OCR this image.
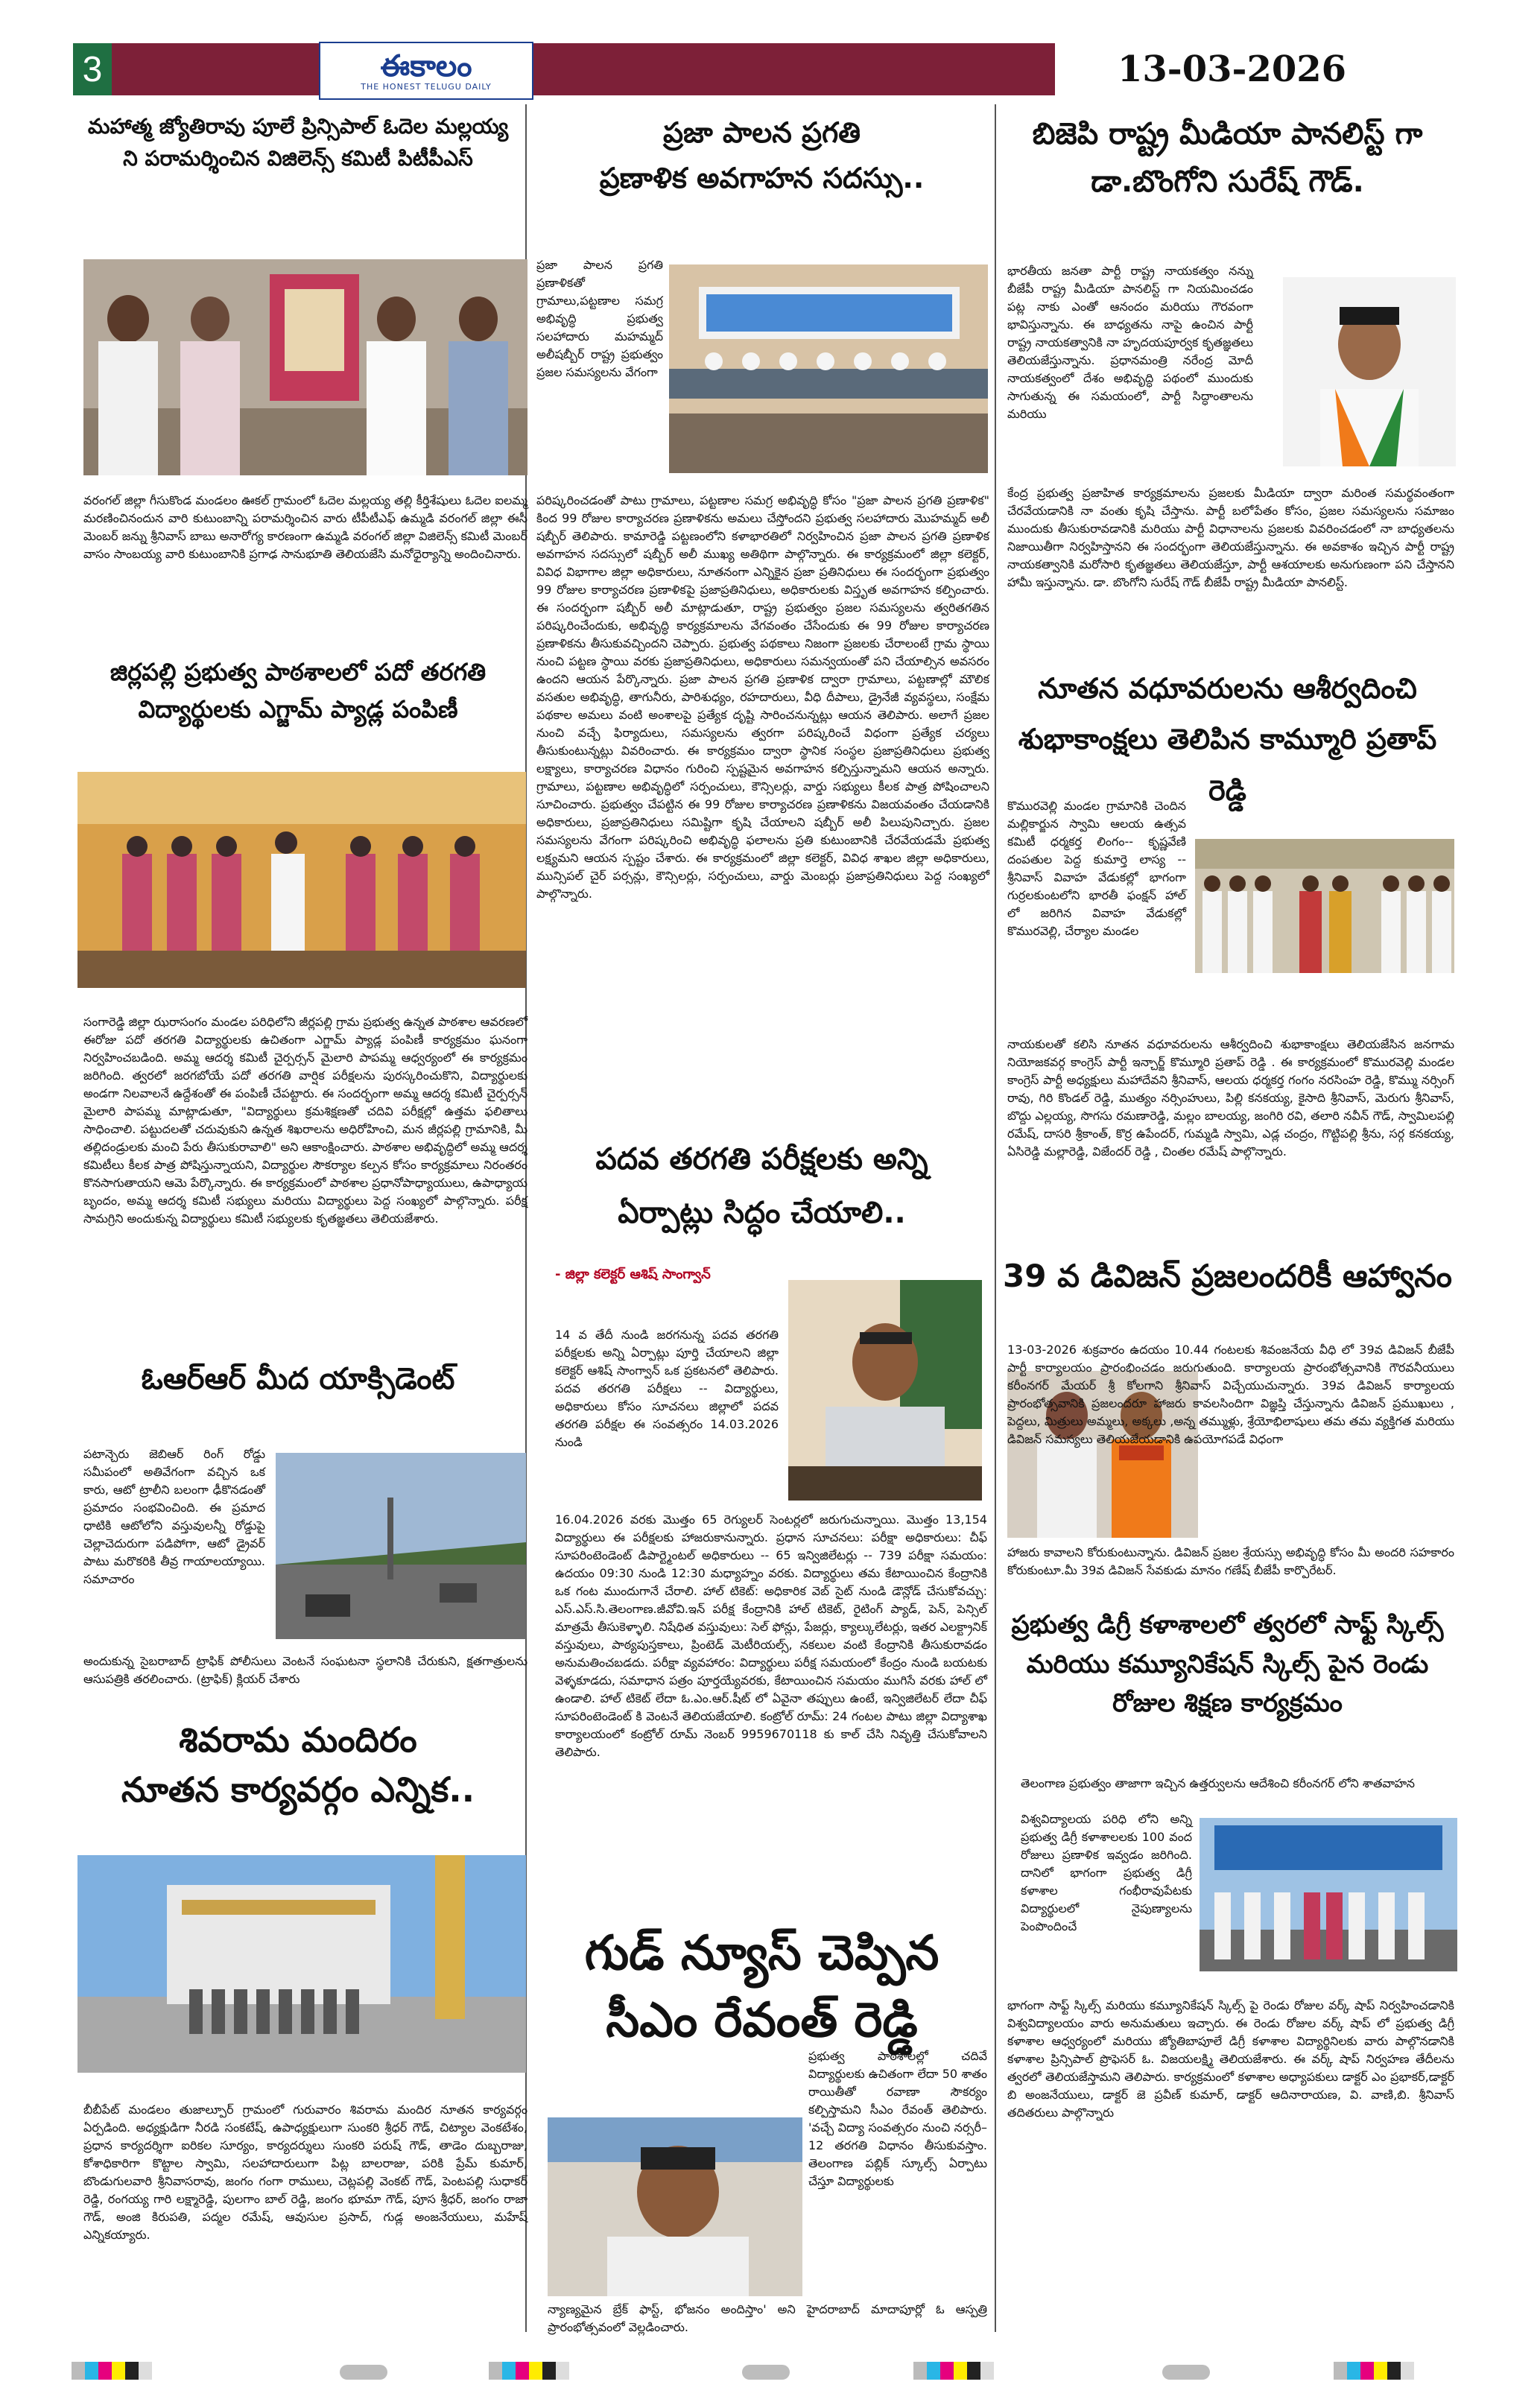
3	ఈకాలం
THE HONEST TELUGU DAILY	13-03-2026
మహాత్మ జ్యోతిరావు పూలే ప్రిన్సిపాల్ ఓదెల మల్లయ్య
ని పరామర్శించిన విజిలెన్స్ కమిటీ పిటీపీఎస్
వరంగల్ జిల్లా గీసుకొండ మండలం ఊకల్ గ్రామంలో ఓదెల మల్లయ్య తల్లి కీర్తిశేషులు ఓదెల ఐలమ్మ మరణించినందున వారి కుటుంబాన్ని పరామర్శించిన వారు టీపీటీఎఫ్ ఉమ్మడి వరంగల్ జిల్లా ఈసీ మెంబర్ జన్ను శ్రీనివాస్ బాబు అనారోగ్య కారణంగా ఉమ్మడి వరంగల్ జిల్లా విజిలెన్స్ కమిటీ మెంబర్ వాసం సాంబయ్య వారి కుటుంబానికి ప్రగాఢ సానుభూతి తెలియజేసి మనోధైర్యాన్ని అందించినారు.
జిర్లపల్లి ప్రభుత్వ పాఠశాలలో పదో తరగతి
విద్యార్థులకు ఎగ్జామ్ ప్యాడ్ల పంపిణీ
సంగారెడ్డి జిల్లా ఝరాసంగం మండల పరిధిలోని జీర్లపల్లి గ్రామ ప్రభుత్వ ఉన్నత పాఠశాల ఆవరణలో ఈరోజు పదో తరగతి విద్యార్థులకు ఉచితంగా ఎగ్జామ్ ప్యాడ్ల పంపిణీ కార్యక్రమం ఘనంగా నిర్వహించబడింది. అమ్మ ఆదర్శ కమిటీ చైర్పర్సన్ మైలారి పాపమ్మ ఆధ్వర్యంలో ఈ కార్యక్రమం జరిగింది. త్వరలో జరగబోయే పదో తరగతి వార్షిక పరీక్షలను పురస్కరించుకొని, విద్యార్థులకు అండగా నిలవాలనే ఉద్దేశంతో ఈ పంపిణీ చేపట్టారు. ఈ సందర్భంగా అమ్మ ఆదర్శ కమిటీ చైర్పర్సన్ మైలారి పాపమ్మ మాట్లాడుతూ, "విద్యార్థులు క్రమశిక్షణతో చదివి పరీక్షల్లో ఉత్తమ ఫలితాలు సాధించాలి. పట్టుదలతో చదువుకుని ఉన్నత శిఖరాలను అధిరోహించి, మన జీర్లపల్లి గ్రామానికి, మీ తల్లిదండ్రులకు మంచి పేరు తీసుకురావాలి" అని ఆకాంక్షించారు. పాఠశాల అభివృద్ధిలో అమ్మ ఆదర్శ కమిటీలు కీలక పాత్ర పోషిస్తున్నాయని, విద్యార్థుల సౌకర్యాల కల్పన కోసం కార్యక్రమాలు నిరంతరం కొనసాగుతాయని ఆమె పేర్కొన్నారు. ఈ కార్యక్రమంలో పాఠశాల ప్రధానోపాధ్యాయులు, ఉపాధ్యాయ బృందం, అమ్మ ఆదర్శ కమిటీ సభ్యులు మరియు విద్యార్థులు పెద్ద సంఖ్యలో పాల్గొన్నారు. పరీక్ష సామగ్రిని అందుకున్న విద్యార్థులు కమిటీ సభ్యులకు కృతజ్ఞతలు తెలియజేశారు.
ఓఆర్ఆర్ మీద యాక్సిడెంట్
పటాన్చెరు జెబిఆర్ రింగ్ రోడ్డు సమీపంలో అతివేగంగా వచ్చిన ఒక కారు, ఆటో ట్రాలీని బలంగా ఢీకొనడంతో ప్రమాదం సంభవించింది. ఈ ప్రమాద ధాటికి ఆటోలోని వస్తువులన్నీ రోడ్డుపై చెల్లాచెదురుగా పడిపోగా, ఆటో డ్రైవర్ పాటు మరొకరికి తీవ్ర గాయాలయ్యాయి. సమాచారం
అందుకున్న సైబరాబాద్ ట్రాఫిక్ పోలీసులు వెంటనే సంఘటనా స్థలానికి చేరుకుని, క్షతగాత్రులను ఆసుపత్రికి తరలించారు. (ట్రాఫిక్) క్లియర్ చేశారు
శివరామ మందిరం
నూతన కార్యవర్గం ఎన్నిక..
బీబీపేట్ మండలం తుజాల్పూర్ గ్రామంలో గురువారం శివరామ మందిర నూతన కార్యవర్గం ఏర్పడింది. అధ్యక్షుడిగా నీరడి సంకటేష్, ఉపాధ్యక్షులుగా సుంకరి శ్రీధర్ గౌడ్, చిట్యాల వెంకటేశం, ప్రధాన కార్యదర్శిగా ఐరికల సూర్యం, కార్యదర్శులు సుంకరి పరుష్ గౌడ్, తాడెం దుబ్బరాజు, కోశాధికారిగా కొట్టాల స్వామి, సలహాదారులుగా పిట్ల బాలరాజు, పరికి ప్రేమ్ కుమార్, బొండుగులవారి శ్రీనివాసరావు, జంగం గంగా రాములు, చెట్లపల్లి వెంకట్ గౌడ్, పెంటపల్లి సుధాకర్ రెడ్డి, రంగయ్య గారి లక్ష్మారెడ్డి, పులగాం బాల్ రెడ్డి, జంగం భూమా గౌడ్, పూస శ్రీధర్, జంగం రాజా గౌడ్, అంజి కిరుపతి, పద్మల రమేష్, ఆవుసుల ప్రసాద్, గుడ్ల అంజనేయులు, మహేష్ ఎన్నికయ్యారు.
ప్రజా పాలన ప్రగతి
ప్రణాళిక అవగాహన సదస్సు..
ప్రజా పాలన ప్రగతి ప్రణాళికతో గ్రామాలు,పట్టణాల సమగ్ర అభివృద్ధి ప్రభుత్వ సలహాదారు మహమ్మద్ అలీషబ్బీర్ రాష్ట్ర ప్రభుత్వం ప్రజల సమస్యలను వేగంగా
పరిష్కరించడంతో పాటు గ్రామాలు, పట్టణాల సమగ్ర అభివృద్ధి కోసం "ప్రజా పాలన ప్రగతి ప్రణాళిక" కింద 99 రోజుల కార్యాచరణ ప్రణాళికను అమలు చేస్తోందని ప్రభుత్వ సలహాదారు మొహమ్మద్ అలీ షబ్బీర్ తెలిపారు. కామారెడ్డి పట్టణంలోని కళాభారతిలో నిర్వహించిన ప్రజా పాలన ప్రగతి ప్రణాళిక అవగాహన సదస్సులో షబ్బీర్ అలీ ముఖ్య అతిథిగా పాల్గొన్నారు. ఈ కార్యక్రమంలో జిల్లా కలెక్టర్, వివిధ విభాగాల జిల్లా అధికారులు, నూతనంగా ఎన్నికైన ప్రజా ప్రతినిధులు ఈ సందర్భంగా ప్రభుత్వం 99 రోజుల కార్యాచరణ ప్రణాళికపై ప్రజాప్రతినిధులు, అధికారులకు విస్తృత అవగాహన కల్పించారు. ఈ సందర్భంగా షబ్బీర్ అలీ మాట్లాడుతూ, రాష్ట్ర ప్రభుత్వం ప్రజల సమస్యలను త్వరితగతిన పరిష్కరించేందుకు, అభివృద్ధి కార్యక్రమాలను వేగవంతం చేసేందుకు ఈ 99 రోజుల కార్యాచరణ ప్రణాళికను తీసుకువచ్చిందని చెప్పారు. ప్రభుత్వ పథకాలు నిజంగా ప్రజలకు చేరాలంటే గ్రామ స్థాయి నుంచి పట్టణ స్థాయి వరకు ప్రజాప్రతినిధులు, అధికారులు సమన్వయంతో పని చేయాల్సిన అవసరం ఉందని ఆయన పేర్కొన్నారు. ప్రజా పాలన ప్రగతి ప్రణాళిక ద్వారా గ్రామాలు, పట్టణాల్లో మౌలిక వసతుల అభివృద్ధి, తాగునీరు, పారిశుధ్యం, రహదారులు, వీధి దీపాలు, డ్రైనేజీ వ్యవస్థలు, సంక్షేమ పథకాల అమలు వంటి అంశాలపై ప్రత్యేక దృష్టి సారించనున్నట్లు ఆయన తెలిపారు. అలాగే ప్రజల నుంచి వచ్చే ఫిర్యాదులు, సమస్యలను త్వరగా పరిష్కరించే విధంగా ప్రత్యేక చర్యలు తీసుకుంటున్నట్లు వివరించారు. ఈ కార్యక్రమం ద్వారా స్థానిక సంస్థల ప్రజాప్రతినిధులు ప్రభుత్వ లక్ష్యాలు, కార్యాచరణ విధానం గురించి స్పష్టమైన అవగాహన కల్పిస్తున్నామని ఆయన అన్నారు. గ్రామాలు, పట్టణాల అభివృద్ధిలో సర్పంచులు, కౌన్సిలర్లు, వార్డు సభ్యులు కీలక పాత్ర పోషించాలని సూచించారు. ప్రభుత్వం చేపట్టిన ఈ 99 రోజుల కార్యాచరణ ప్రణాళికను విజయవంతం చేయడానికి అధికారులు, ప్రజాప్రతినిధులు సమిష్టిగా కృషి చేయాలని షబ్బీర్ అలీ పిలుపునిచ్చారు. ప్రజల సమస్యలను వేగంగా పరిష్కరించి అభివృద్ధి ఫలాలను ప్రతి కుటుంబానికి చేరవేయడమే ప్రభుత్వ లక్ష్యమని ఆయన స్పష్టం చేశారు. ఈ కార్యక్రమంలో జిల్లా కలెక్టర్, వివిధ శాఖల జిల్లా అధికారులు, మున్సిపల్ చైర్ పర్సన్లు, కౌన్సిలర్లు, సర్పంచులు, వార్డు మెంబర్లు ప్రజాప్రతినిధులు పెద్ద సంఖ్యలో పాల్గొన్నారు.
పదవ తరగతి పరీక్షలకు అన్ని
ఏర్పాట్లు సిద్ధం చేయాలి..
- జిల్లా కలెక్టర్ ఆశిష్ సాంగ్వాన్
14 వ తేదీ నుండి జరగనున్న పదవ తరగతి పరీక్షలకు అన్ని ఏర్పాట్లు పూర్తి చేయాలని జిల్లా కలెక్టర్ ఆశిష్ సాంగ్వాన్ ఒక ప్రకటనలో తెలిపారు. పదవ తరగతి పరీక్షలు -- విద్యార్థులు, అధికారులు కోసం సూచనలు జిల్లాలో పదవ తరగతి పరీక్షల ఈ సంవత్సరం 14.03.2026 నుండి
16.04.2026 వరకు మొత్తం 65 రెగ్యులర్ సెంటర్లలో జరుగుచున్నాయి. మొత్తం 13,154 విద్యార్థులు ఈ పరీక్షలకు హాజరుకానున్నారు. ప్రధాన సూచనలు: పరీక్షా అధికారులు: చీఫ్ సూపరింటెండెంట్ డిపార్ట్మెంటల్ అధికారులు -- 65 ఇన్విజిలేటర్లు -- 739 పరీక్షా సమయం: ఉదయం 09:30 నుండి 12:30 మధ్యాహ్నం వరకు. విద్యార్థులు తమ కేటాయించిన కేంద్రానికి ఒక గంట ముందుగానే చేరాలి. హాల్ టికెట్: అధికారిక వెబ్ సైట్ నుండి డౌన్లోడ్ చేసుకోవచ్చు: ఎస్.ఎస్.సి.తెలంగాణ.జీవోవి.ఇన్ పరీక్ష కేంద్రానికి హాల్ టికెట్, రైటింగ్ ప్యాడ్, పెన్, పెన్సిల్ మాత్రమే తీసుకెళ్ళాలి. నిషేధిత వస్తువులు: సెల్ ఫోన్లు, పేజర్లు, క్యాల్కులేటర్లు, ఇతర ఎలక్ట్రానిక్ వస్తువులు, పాఠ్యపుస్తకాలు, ప్రింటెడ్ మెటీరియల్స్, నకలుల వంటి కేంద్రానికి తీసుకురావడం అనుమతించబడదు. పరీక్షా వ్యవహారం: విద్యార్థులు పరీక్ష సమయంలో కేంద్రం నుండి బయటకు వెళ్ళకూడదు, సమాధాన పత్రం పూర్తయ్యేవరకు, కేటాయించిన సమయం ముగిసే వరకు హాల్ లో ఉండాలి. హాల్ టికెట్ లేదా ఓ.ఎం.ఆర్.షీట్ లో ఏవైనా తప్పులు ఉంటే, ఇన్విజిలేటర్ లేదా చీఫ్ సూపరింటెండెంట్ కి వెంటనే తెలియజేయాలి. కంట్రోల్ రూమ్: 24 గంటల పాటు జిల్లా విద్యాశాఖ కార్యాలయంలో కంట్రోల్ రూమ్ నెంబర్ 9959670118 కు కాల్ చేసి నివృత్తి చేసుకోవాలని తెలిపారు.
గుడ్ న్యూస్ చెప్పిన
సీఎం రేవంత్ రెడ్డి
ప్రభుత్వ పాఠశాలల్లో చదివే విద్యార్థులకు ఉచితంగా లేదా 50 శాతం రాయితీతో రవాణా సౌకర్యం కల్పిస్తామని సీఎం రేవంత్ తెలిపారు. 'వచ్చే విద్యా సంవత్సరం నుంచి నర్సరీ–12 తరగతి విధానం తీసుకువస్తాం. తెలంగాణ పబ్లిక్ స్కూల్స్ ఏర్పాటు చేస్తూ విద్యార్థులకు
న్యాణ్యమైన బ్రేక్ ఫాస్ట్, భోజనం అందిస్తాం' అని హైదరాబాద్ మాదాపూర్లో ఓ ఆస్పత్రి ప్రారంభోత్సవంలో వెల్లడించారు.
బిజెపి రాష్ట్ర మీడియా పానలిస్ట్ గా
డా.బొంగోని సురేష్ గౌడ్.
భారతీయ జనతా పార్టీ రాష్ట్ర నాయకత్వం నన్ను బీజేపీ రాష్ట్ర మీడియా పానలిస్ట్ గా నియమించడం పట్ల నాకు ఎంతో ఆనందం మరియు గౌరవంగా భావిస్తున్నాను. ఈ బాధ్యతను నాపై ఉంచిన పార్టీ రాష్ట్ర నాయకత్వానికి నా హృదయపూర్వక కృతజ్ఞతలు తెలియజేస్తున్నాను. ప్రధానమంత్రి నరేంద్ర మోదీ నాయకత్వంలో దేశం అభివృద్ధి పథంలో ముందుకు సాగుతున్న ఈ సమయంలో, పార్టీ సిద్ధాంతాలను మరియు
కేంద్ర ప్రభుత్వ ప్రజాహిత కార్యక్రమాలను ప్రజలకు మీడియా ద్వారా మరింత సమర్థవంతంగా చేరవేయడానికి నా వంతు కృషి చేస్తాను. పార్టీ బలోపేతం కోసం, ప్రజల సమస్యలను సమాజం ముందుకు తీసుకురావడానికి మరియు పార్టీ విధానాలను ప్రజలకు వివరించడంలో నా బాధ్యతలను నిజాయితీగా నిర్వహిస్తానని ఈ సందర్భంగా తెలియజేస్తున్నాను. ఈ అవకాశం ఇచ్చిన పార్టీ రాష్ట్ర నాయకత్వానికి మరోసారి కృతజ్ఞతలు తెలియజేస్తూ, పార్టీ ఆశయాలకు అనుగుణంగా పని చేస్తానని హామీ ఇస్తున్నాను. డా. బొంగోని సురేష్ గౌడ్ బీజేపీ రాష్ట్ర మీడియా పానలిస్ట్.
నూతన వధూవరులను ఆశీర్వదించి
శుభాకాంక్షలు తెలిపిన కామ్మూరి ప్రతాప్ రెడ్డి
కొమురవెల్లి మండల గ్రామానికి చెందిన మల్లికార్జున స్వామి ఆలయ ఉత్సవ కమిటీ ధర్మకర్త లింగం-- కృష్ణవేణి దంపతుల పెద్ద కుమార్తె లాస్య -- శ్రీనివాస్ వివాహ వేడుకల్లో భాగంగా గుర్రలకుంటలోని భారతీ ఫంక్షన్ హాల్ లో జరిగిన వివాహ వేడుకల్లో కొమురవెల్లి, చేర్యాల మండల
నాయకులతో కలిసి నూతన వధూవరులను ఆశీర్వదించి శుభాకాంక్షలు తెలియజేసిన జనగామ నియోజకవర్గ కాంగ్రెస్ పార్టీ ఇన్చార్జ్ కొమ్మూరి ప్రతాప్ రెడ్డి . ఈ కార్యక్రమంలో కొమురవెల్లి మండల కాంగ్రెస్ పార్టీ అధ్యక్షులు మహాదేవని శ్రీనివాస్, ఆలయ ధర్మకర్త గంగం నరసింహ రెడ్డి, కొమ్ము నర్సింగ్ రావు, గిరి కొండల్ రెడ్డి, ముత్యం నర్సింహులు, పిల్లి కనకయ్య, కైసాది శ్రీనివాస్, మెరుగు శ్రీనివాస్, బొద్దు ఎల్లయ్య, సొగసు రమణారెడ్డి, మల్లం బాలయ్య, జంగిరి రవి, తలారి నవీన్ గౌడ్, స్వామిలపల్లి రమేష్, దాసరి శ్రీకాంత్, కొర్ర ఉపేందర్, గుమ్మడి స్వామి, ఎడ్ల చంద్రం, గొట్టిపల్లి శ్రీను, సర్గ కనకయ్య, ఏసిరెడ్డి మల్లారెడ్డి, విజేందర్ రెడ్డి , చింతల రమేష్ పాల్గొన్నారు.
39 వ డివిజన్ ప్రజలందరికీ ఆహ్వానం
13-03-2026 శుక్రవారం ఉదయం 10.44 గంటలకు శివంజనేయ వీధి లో 39వ డివిజన్ బీజేపీ పార్టీ కార్యాలయం ప్రారంభించడం జరుగుతుంది. కార్యాలయ ప్రారంభోత్సవానికి గౌరవనీయులు కరీంనగర్ మేయర్ శ్రీ కోలగాని శ్రీనివాస్ విచ్చేయుచున్నారు. 39వ డివిజన్ కార్యాలయ ప్రారంభోత్సవానికి ప్రజలందరూ హాజరు కావలసిందిగా విజ్ఞప్తి చేస్తున్నాను డివిజన్ ప్రముఖులు , పెద్దలు, మిత్రులు అమ్మలు, అక్కలు ,అన్న తమ్ముళ్లు, శ్రేయోభిలాషులు తమ తమ వ్యక్తిగత మరియు డివిజన్ సమస్యలు తెలియజేయడానికి ఉపయోగపడే విధంగా
హాజరు కావాలని కోరుకుంటున్నాను. డివిజన్ ప్రజల శ్రేయస్సు అభివృద్ధి కోసం మీ అందరి సహకారం కోరుకుంటూ.మీ 39వ డివిజన్ సేవకుడు మానం గణేష్ బీజేపీ కార్పొరేటర్.
ప్రభుత్వ డిగ్రీ కళాశాలలో త్వరలో సాఫ్ట్ స్కిల్స్
మరియు కమ్యూనికేషన్ స్కిల్స్ పైన రెండు
రోజుల శిక్షణ కార్యక్రమం
తెలంగాణ ప్రభుత్వం తాజాగా ఇచ్చిన ఉత్తర్వులను ఆదేశించి కరీంనగర్ లోని శాతవాహన
విశ్వవిద్యాలయ పరిధి లోని అన్ని ప్రభుత్వ డిగ్రీ కళాశాలలకు 100 వంద రోజులు ప్రణాళిక ఇవ్వడం జరిగింది. దానిలో భాగంగా ప్రభుత్వ డిగ్రీ కళాశాల గంభీరావుపేటకు విద్యార్థులలో నైపుణ్యాలను పెంపొందించే
భాగంగా సాఫ్ట్ స్కిల్స్ మరియు కమ్యూనికేషన్ స్కిల్స్ పై రెండు రోజుల వర్క్ షాప్ నిర్వహించడానికి విశ్వవిద్యాలయం వారు అనుమతులు ఇచ్చారు. ఈ రెండు రోజుల వర్క్ షాప్ లో ప్రభుత్వ డిగ్రీ కళాశాల ఆధ్వర్యంలో మరియు జ్యోతిబాపూలే డిగ్రీ కళాశాల విద్యార్థినిలకు వారు పాల్గొనడానికి కళాశాల ప్రిన్సిపాల్ ప్రొఫెసర్ ఓ. విజయలక్ష్మి తెలియజేశారు. ఈ వర్క్ షాప్ నిర్వహణ తేదీలను త్వరలో తెలియజేస్తామని తెలిపారు. కార్యక్రమంలో కళాశాల అధ్యాపకులు డాక్టర్ ఎం ప్రభాకర్,డాక్టర్ బి అంజనేయులు, డాక్టర్ జె ప్రవీణ్ కుమార్, డాక్టర్ ఆదినారాయణ, వి. వాణి,బి. శ్రీనివాస్ తదితరులు పాల్గొన్నారు
